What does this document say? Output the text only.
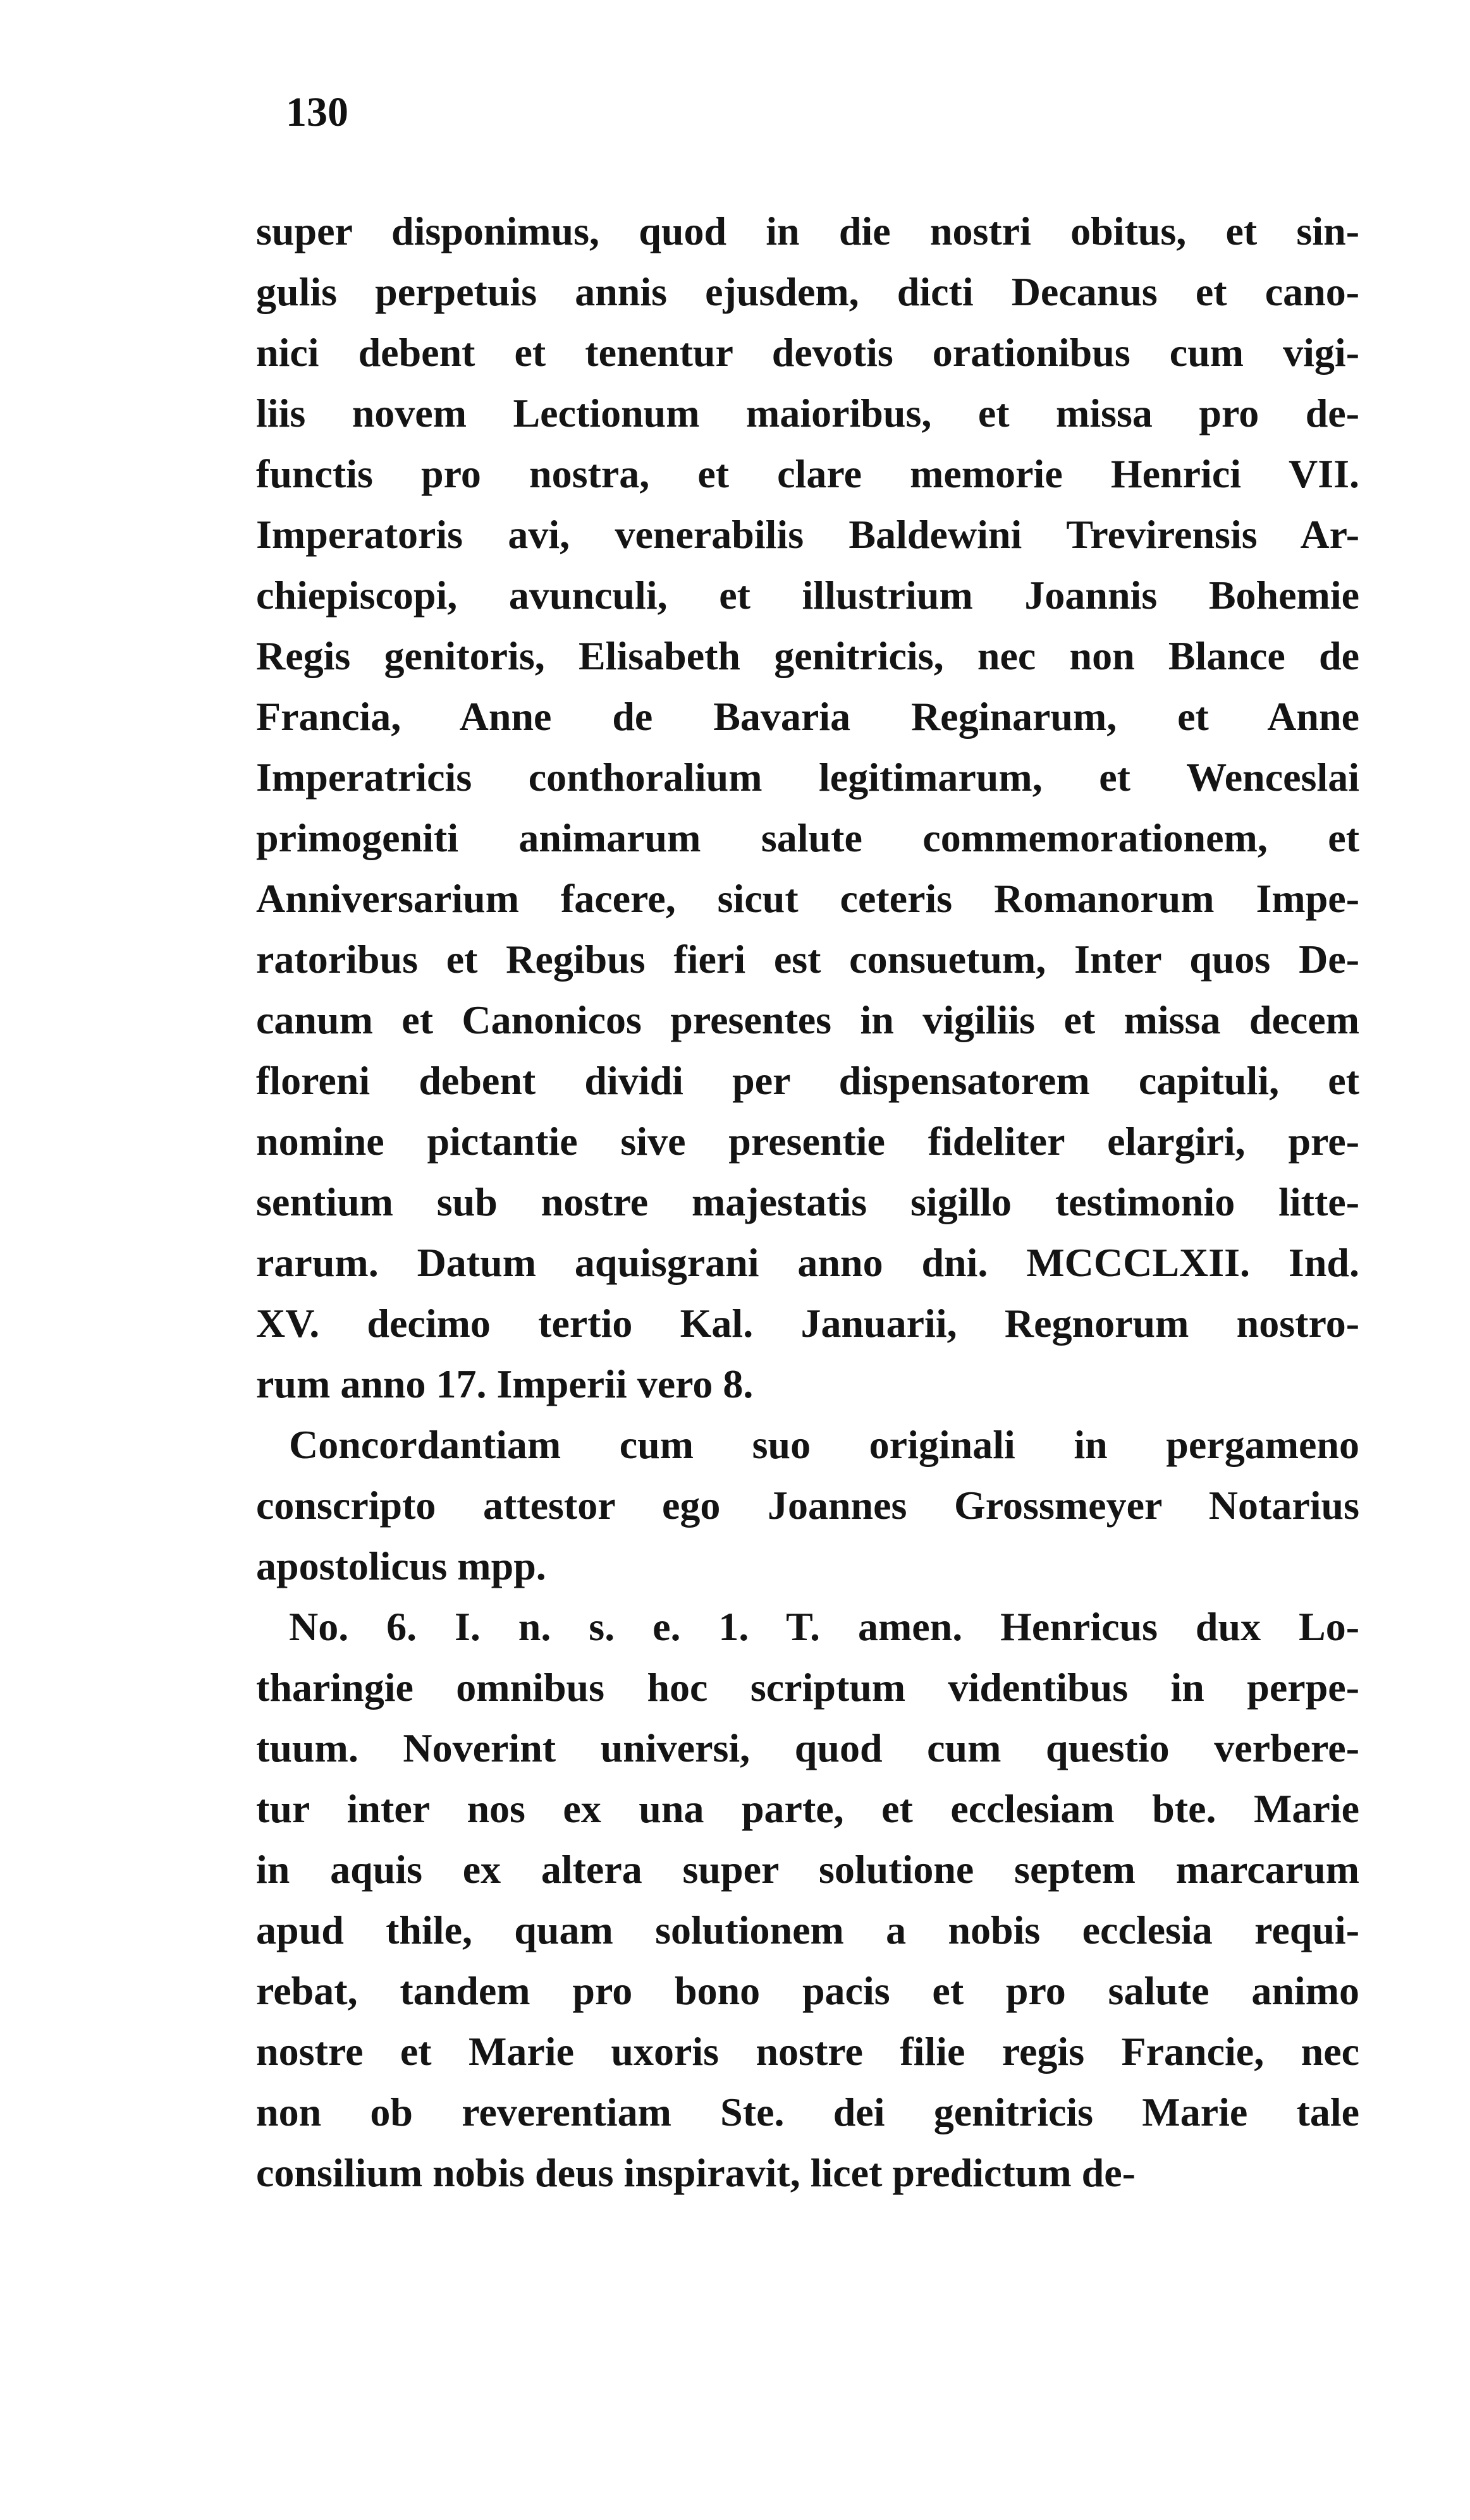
130
super disponimus, quod in die nostri obitus, et sin-
gulis perpetuis annis ejusdem, dicti Decanus et cano-
nici debent et tenentur devotis orationibus cum vigi-
liis novem Lectionum maioribus, et missa pro de-
functis pro nostra, et clare memorie Henrici VII.
Imperatoris avi, venerabilis Baldewini Trevirensis Ar-
chiepiscopi, avunculi, et illustrium Joannis Bohemie
Regis genitoris, Elisabeth genitricis, nec non Blance de
Francia, Anne de Bavaria Reginarum, et Anne
Imperatricis conthoralium legitimarum, et Wenceslai
primogeniti animarum salute commemorationem, et
Anniversarium facere, sicut ceteris Romanorum Impe-
ratoribus et Regibus fieri est consuetum, Inter quos De-
canum et Canonicos presentes in vigiliis et missa decem
floreni debent dividi per dispensatorem capituli, et
nomine pictantie sive presentie fideliter elargiri, pre-
sentium sub nostre majestatis sigillo testimonio litte-
rarum. Datum aquisgrani anno dni. MCCCLXII. Ind.
XV. decimo tertio Kal. Januarii, Regnorum nostro-
rum anno 17. Imperii vero 8.
Concordantiam cum suo originali in pergameno
conscripto attestor ego Joannes Grossmeyer Notarius
apostolicus mpp.
No. 6. I. n. s. e. 1. T. amen. Henricus dux Lo-
tharingie omnibus hoc scriptum videntibus in perpe-
tuum. Noverint universi, quod cum questio verbere-
tur inter nos ex una parte, et ecclesiam bte. Marie
in aquis ex altera super solutione septem marcarum
apud thile, quam solutionem a nobis ecclesia requi-
rebat, tandem pro bono pacis et pro salute animo
nostre et Marie uxoris nostre filie regis Francie, nec
non ob reverentiam Ste. dei genitricis Marie tale
consilium nobis deus inspiravit, licet predictum de-
